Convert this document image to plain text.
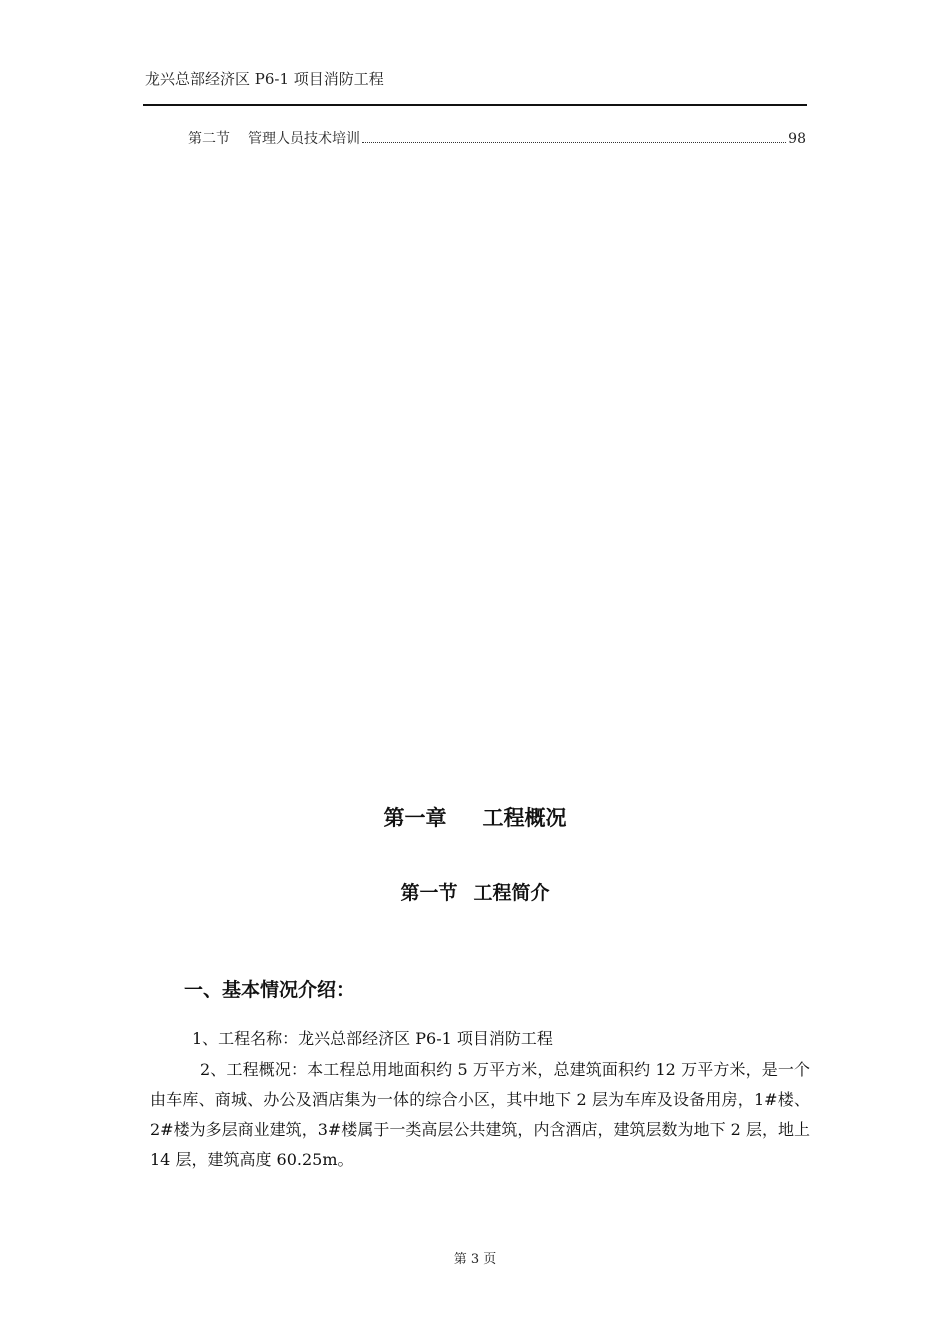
龙兴总部经济区 P6-1 项目消防工程
第二节 管理人员技术培训	98
第一章 工程概况
第一节 工程简介
一、基本情况介绍：
1、工程名称：龙兴总部经济区 P6-1 项目消防工程
2、工程概况：本工程总用地面积约 5 万平方米，总建筑面积约 12 万平方米，是一个由车库、商城、办公及酒店集为一体的综合小区，其中地下 2 层为车库及设备用房，1#楼、2#楼为多层商业建筑，3#楼属于一类高层公共建筑，内含酒店，建筑层数为地下 2 层，地上 14 层，建筑高度 60.25m。
第 3 页
